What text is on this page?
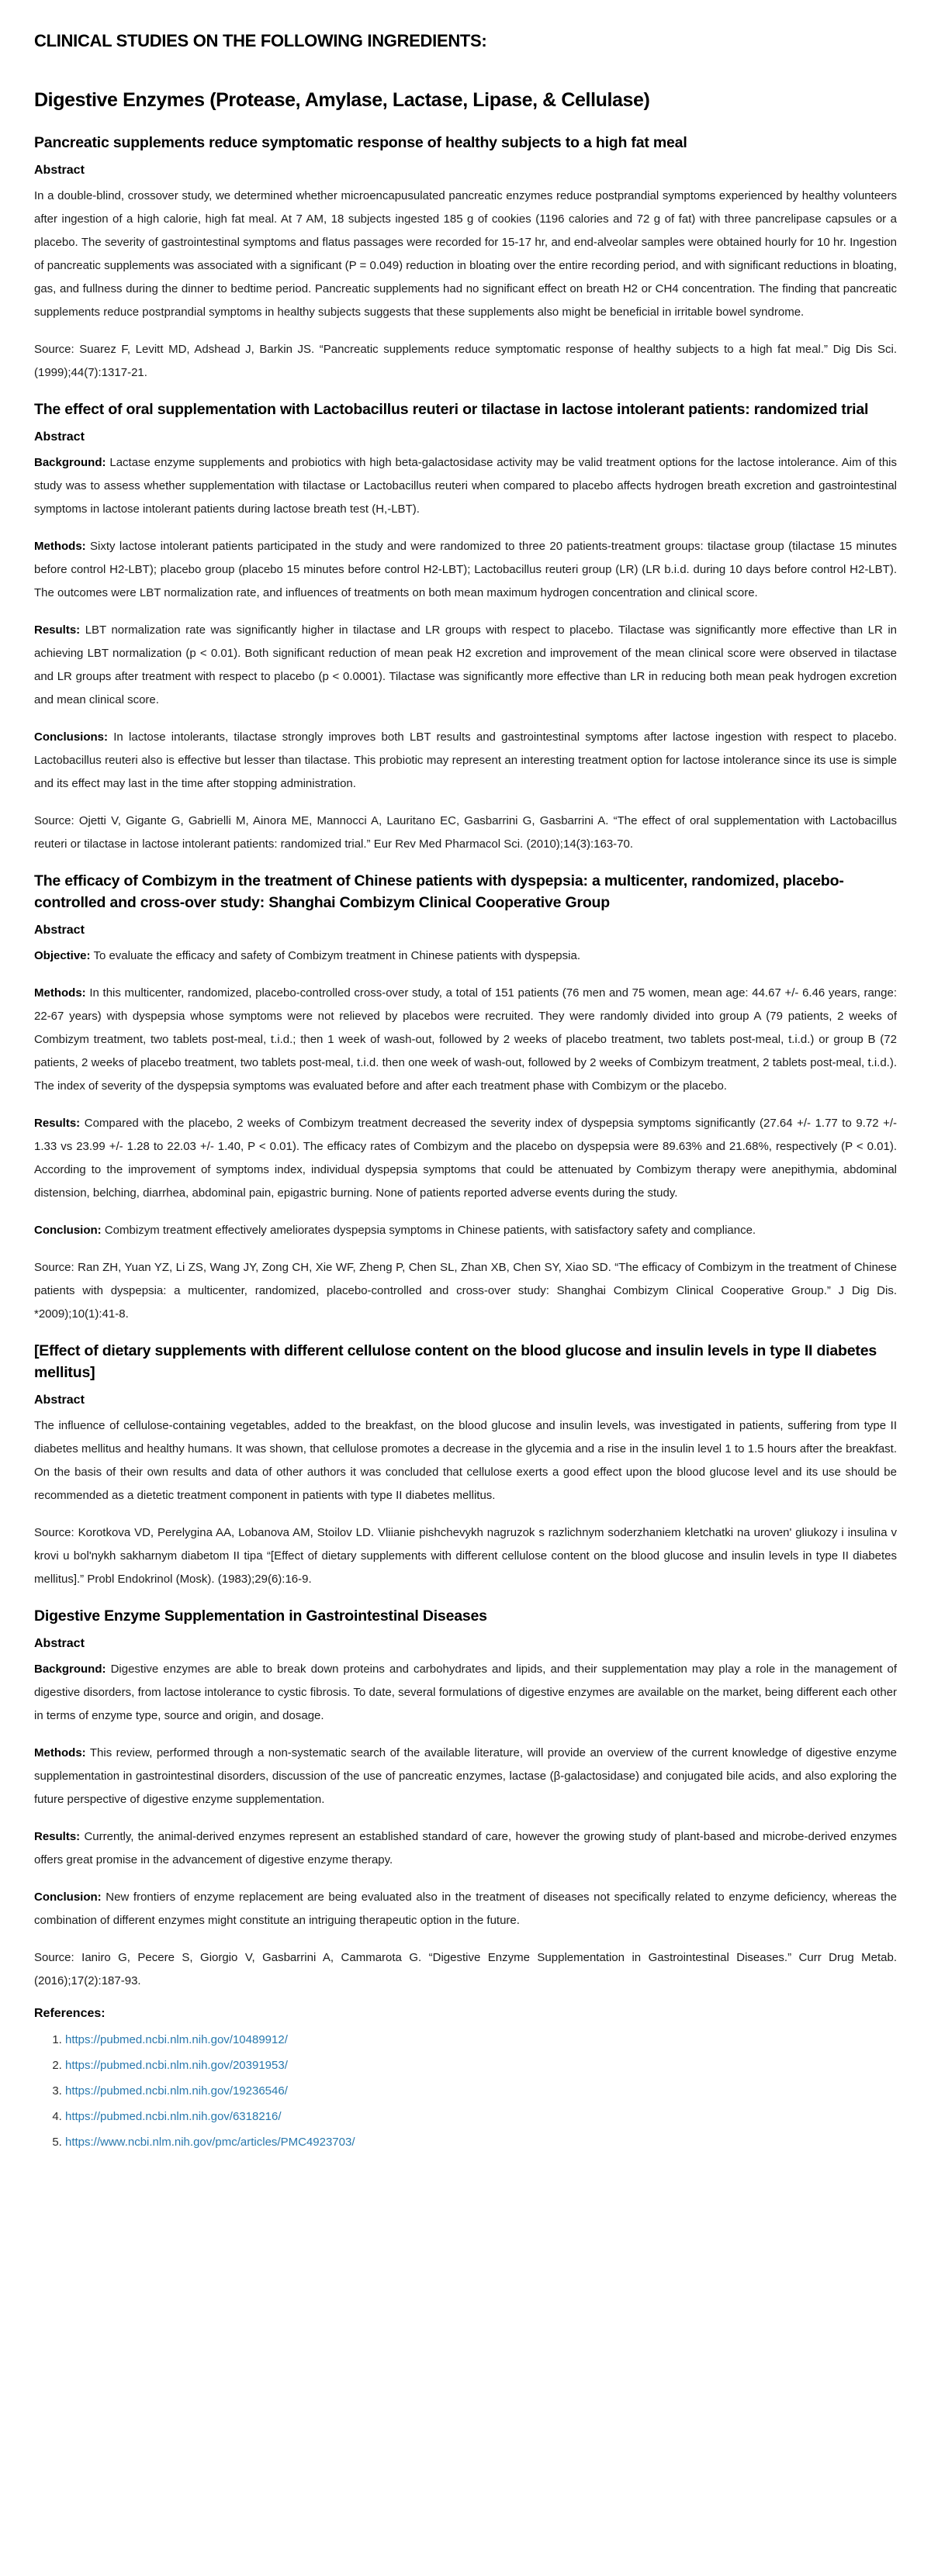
CLINICAL STUDIES ON THE FOLLOWING INGREDIENTS:
Digestive Enzymes (Protease, Amylase, Lactase, Lipase, & Cellulase)
Pancreatic supplements reduce symptomatic response of healthy subjects to a high fat meal
Abstract

In a double-blind, crossover study, we determined whether microencapusulated pancreatic enzymes reduce postprandial symptoms experienced by healthy volunteers after ingestion of a high calorie, high fat meal. At 7 AM, 18 subjects ingested 185 g of cookies (1196 calories and 72 g of fat) with three pancrelipase capsules or a placebo. The severity of gastrointestinal symptoms and flatus passages were recorded for 15-17 hr, and end-alveolar samples were obtained hourly for 10 hr. Ingestion of pancreatic supplements was associated with a significant (P = 0.049) reduction in bloating over the entire recording period, and with significant reductions in bloating, gas, and fullness during the dinner to bedtime period. Pancreatic supplements had no significant effect on breath H2 or CH4 concentration. The finding that pancreatic supplements reduce postprandial symptoms in healthy subjects suggests that these supplements also might be beneficial in irritable bowel syndrome.

Source: Suarez F, Levitt MD, Adshead J, Barkin JS. “Pancreatic supplements reduce symptomatic response of healthy subjects to a high fat meal.” Dig Dis Sci. (1999);44(7):1317-21.

The effect of oral supplementation with Lactobacillus reuteri or tilactase in lactose intolerant patients: randomized trial
Abstract

Background: Lactase enzyme supplements and probiotics with high beta-galactosidase activity may be valid treatment options for the lactose intolerance. Aim of this study was to assess whether supplementation with tilactase or Lactobacillus reuteri when compared to placebo affects hydrogen breath excretion and gastrointestinal symptoms in lactose intolerant patients during lactose breath test (H,-LBT).

Methods: Sixty lactose intolerant patients participated in the study and were randomized to three 20 patients-treatment groups: tilactase group (tilactase 15 minutes before control H2-LBT); placebo group (placebo 15 minutes before control H2-LBT); Lactobacillus reuteri group (LR) (LR b.i.d. during 10 days before control H2-LBT). The outcomes were LBT normalization rate, and influences of treatments on both mean maximum hydrogen concentration and clinical score.

Results: LBT normalization rate was significantly higher in tilactase and LR groups with respect to placebo. Tilactase was significantly more effective than LR in achieving LBT normalization (p < 0.01). Both significant reduction of mean peak H2 excretion and improvement of the mean clinical score were observed in tilactase and LR groups after treatment with respect to placebo (p < 0.0001). Tilactase was significantly more effective than LR in reducing both mean peak hydrogen excretion and mean clinical score.

Conclusions: In lactose intolerants, tilactase strongly improves both LBT results and gastrointestinal symptoms after lactose ingestion with respect to placebo. Lactobacillus reuteri also is effective but lesser than tilactase. This probiotic may represent an interesting treatment option for lactose intolerance since its use is simple and its effect may last in the time after stopping administration.

Source: Ojetti V, Gigante G, Gabrielli M, Ainora ME, Mannocci A, Lauritano EC, Gasbarrini G, Gasbarrini A. “The effect of oral supplementation with Lactobacillus reuteri or tilactase in lactose intolerant patients: randomized trial.” Eur Rev Med Pharmacol Sci. (2010);14(3):163-70.

The efficacy of Combizym in the treatment of Chinese patients with dyspepsia: a multicenter, randomized, placebo-controlled and cross-over study: Shanghai Combizym Clinical Cooperative Group
Abstract

Objective: To evaluate the efficacy and safety of Combizym treatment in Chinese patients with dyspepsia.

Methods: In this multicenter, randomized, placebo-controlled cross-over study, a total of 151 patients (76 men and 75 women, mean age: 44.67 +/- 6.46 years, range: 22-67 years) with dyspepsia whose symptoms were not relieved by placebos were recruited. They were randomly divided into group A (79 patients, 2 weeks of Combizym treatment, two tablets post-meal, t.i.d.; then 1 week of wash-out, followed by 2 weeks of placebo treatment, two tablets post-meal, t.i.d.) or group B (72 patients, 2 weeks of placebo treatment, two tablets post-meal, t.i.d. then one week of wash-out, followed by 2 weeks of Combizym treatment, 2 tablets post-meal, t.i.d.). The index of severity of the dyspepsia symptoms was evaluated before and after each treatment phase with Combizym or the placebo.

Results: Compared with the placebo, 2 weeks of Combizym treatment decreased the severity index of dyspepsia symptoms significantly (27.64 +/- 1.77 to 9.72 +/- 1.33 vs 23.99 +/- 1.28 to 22.03 +/- 1.40, P < 0.01). The efficacy rates of Combizym and the placebo on dyspepsia were 89.63% and 21.68%, respectively (P < 0.01). According to the improvement of symptoms index, individual dyspepsia symptoms that could be attenuated by Combizym therapy were anepithymia, abdominal distension, belching, diarrhea, abdominal pain, epigastric burning. None of patients reported adverse events during the study.

Conclusion: Combizym treatment effectively ameliorates dyspepsia symptoms in Chinese patients, with satisfactory safety and compliance.

Source: Ran ZH, Yuan YZ, Li ZS, Wang JY, Zong CH, Xie WF, Zheng P, Chen SL, Zhan XB, Chen SY, Xiao SD. “The efficacy of Combizym in the treatment of Chinese patients with dyspepsia: a multicenter, randomized, placebo-controlled and cross-over study: Shanghai Combizym Clinical Cooperative Group.” J Dig Dis. *2009);10(1):41-8.

[Effect of dietary supplements with different cellulose content on the blood glucose and insulin levels in type II diabetes mellitus]
Abstract

The influence of cellulose-containing vegetables, added to the breakfast, on the blood glucose and insulin levels, was investigated in patients, suffering from type II diabetes mellitus and healthy humans. It was shown, that cellulose promotes a decrease in the glycemia and a rise in the insulin level 1 to 1.5 hours after the breakfast. On the basis of their own results and data of other authors it was concluded that cellulose exerts a good effect upon the blood glucose level and its use should be recommended as a dietetic treatment component in patients with type II diabetes mellitus.

Source: Korotkova VD, Perelygina AA, Lobanova AM, Stoilov LD. Vliianie pishchevykh nagruzok s razlichnym soderzhaniem kletchatki na uroven' gliukozy i insulina v krovi u bol'nykh sakharnym diabetom II tipa “[Effect of dietary supplements with different cellulose content on the blood glucose and insulin levels in type II diabetes mellitus].” Probl Endokrinol (Mosk). (1983);29(6):16-9.

Digestive Enzyme Supplementation in Gastrointestinal Diseases
Abstract

Background: Digestive enzymes are able to break down proteins and carbohydrates and lipids, and their supplementation may play a role in the management of digestive disorders, from lactose intolerance to cystic fibrosis. To date, several formulations of digestive enzymes are available on the market, being different each other in terms of enzyme type, source and origin, and dosage.

Methods: This review, performed through a non-systematic search of the available literature, will provide an overview of the current knowledge of digestive enzyme supplementation in gastrointestinal disorders, discussion of the use of pancreatic enzymes, lactase (β-galactosidase) and conjugated bile acids, and also exploring the future perspective of digestive enzyme supplementation.

Results: Currently, the animal-derived enzymes represent an established standard of care, however the growing study of plant-based and microbe-derived enzymes offers great promise in the advancement of digestive enzyme therapy.

Conclusion: New frontiers of enzyme replacement are being evaluated also in the treatment of diseases not specifically related to enzyme deficiency, whereas the combination of different enzymes might constitute an intriguing therapeutic option in the future.

Source: Ianiro G, Pecere S, Giorgio V, Gasbarrini A, Cammarota G. “Digestive Enzyme Supplementation in Gastrointestinal Diseases.” Curr Drug Metab. (2016);17(2):187-93.

References:
1. https://pubmed.ncbi.nlm.nih.gov/10489912/
2. https://pubmed.ncbi.nlm.nih.gov/20391953/
3. https://pubmed.ncbi.nlm.nih.gov/19236546/
4. https://pubmed.ncbi.nlm.nih.gov/6318216/
5. https://www.ncbi.nlm.nih.gov/pmc/articles/PMC4923703/
